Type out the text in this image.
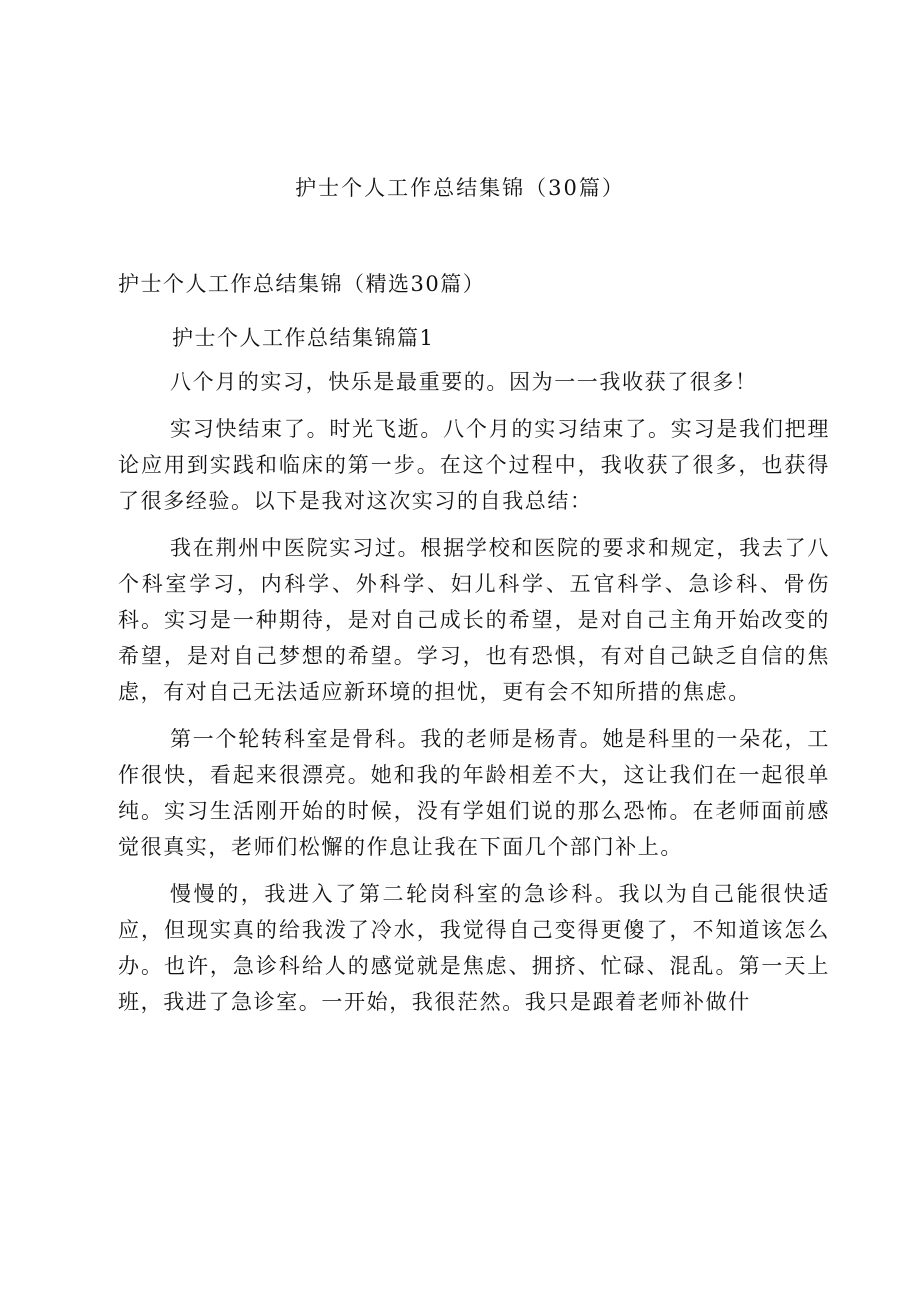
护士个人工作总结集锦（30篇）
护士个人工作总结集锦（精选30篇）
护士个人工作总结集锦篇1

八个月的实习，快乐是最重要的。因为一一我收获了很多！

实习快结束了。时光飞逝。八个月的实习结束了。实习是我们把理论应用到实践和临床的第一步。在这个过程中，我收获了很多，也获得了很多经验。以下是我对这次实习的自我总结：

我在荆州中医院实习过。根据学校和医院的要求和规定，我去了八个科室学习，内科学、外科学、妇儿科学、五官科学、急诊科、骨伤科。实习是一种期待，是对自己成长的希望，是对自己主角开始改变的希望，是对自己梦想的希望。学习，也有恐惧，有对自己缺乏自信的焦虑，有对自己无法适应新环境的担忧，更有会不知所措的焦虑。

第一个轮转科室是骨科。我的老师是杨青。她是科里的一朵花，工作很快，看起来很漂亮。她和我的年龄相差不大，这让我们在一起很单纯。实习生活刚开始的时候，没有学姐们说的那么恐怖。在老师面前感觉很真实，老师们松懈的作息让我在下面几个部门补上。

慢慢的，我进入了第二轮岗科室的急诊科。我以为自己能很快适应，但现实真的给我泼了冷水，我觉得自己变得更傻了，不知道该怎么办。也许，急诊科给人的感觉就是焦虑、拥挤、忙碌、混乱。第一天上班，我进了急诊室。一开始，我很茫然。我只是跟着老师补做什
